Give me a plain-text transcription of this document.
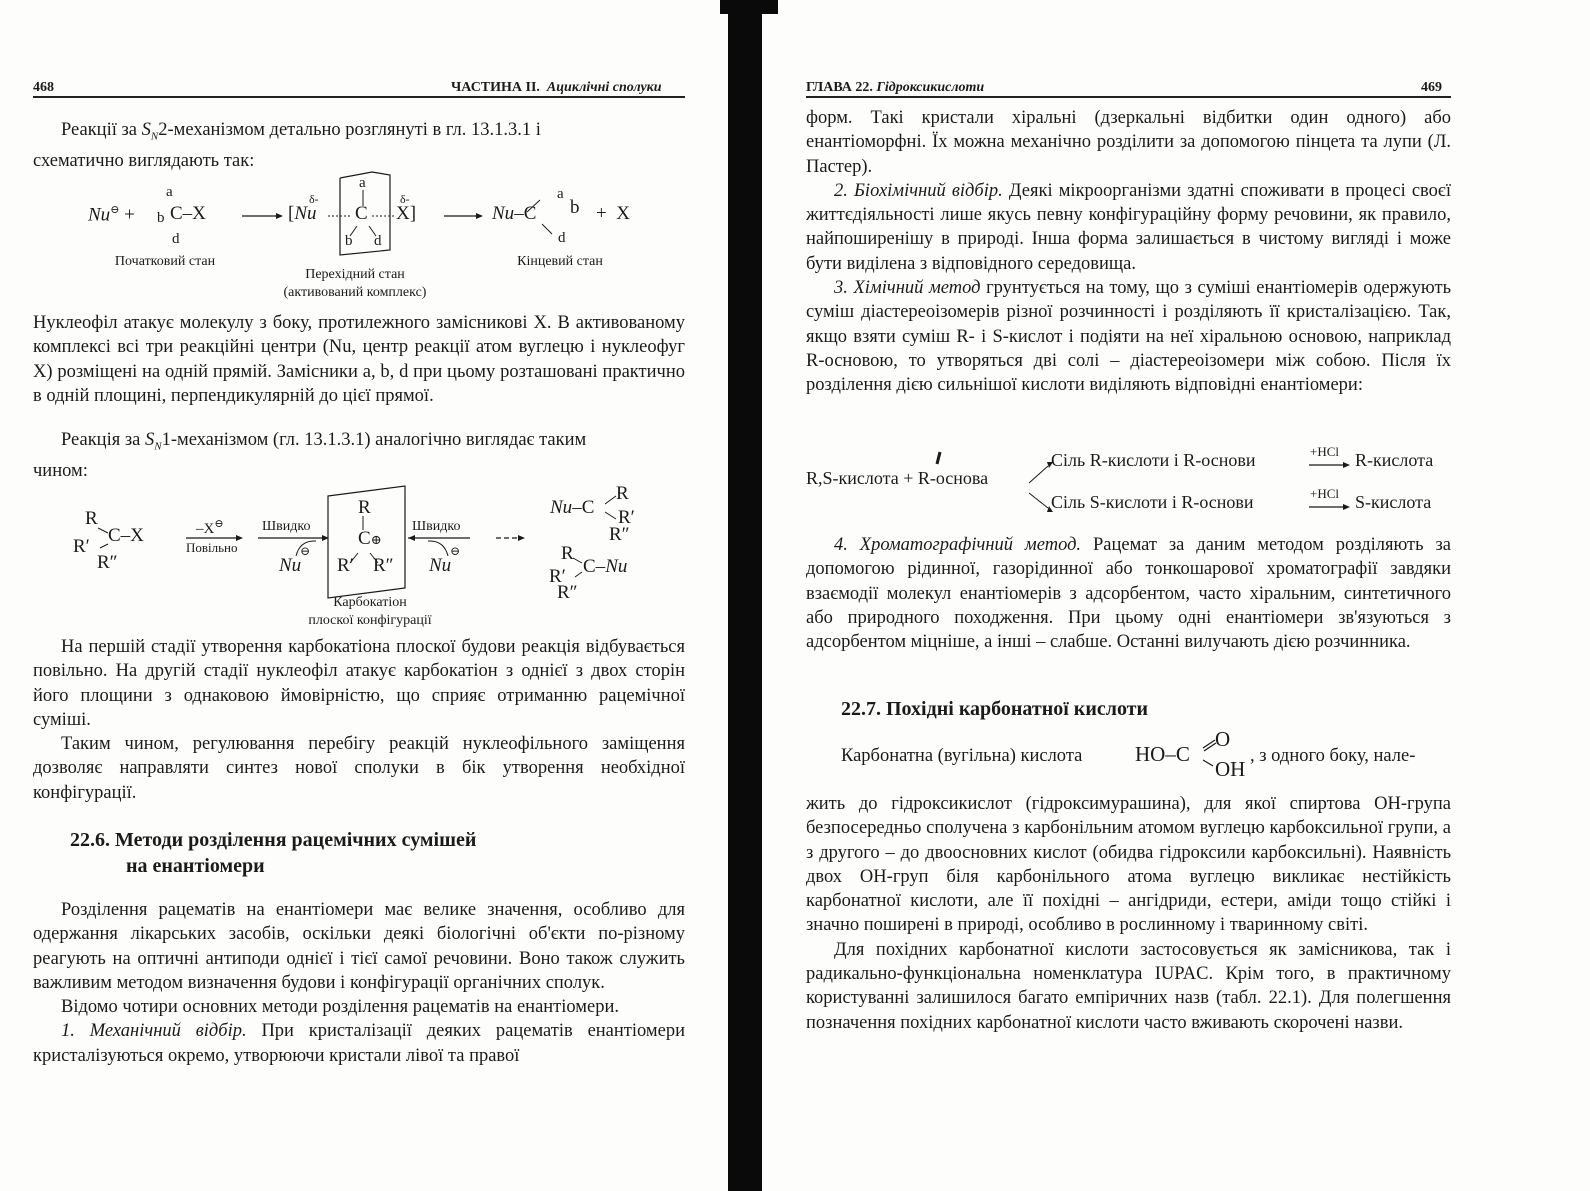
468	ЧАСТИНА II. Ациклічні сполуки

Реакції за $S_N2$-механізмом детально розглянуті в гл. 13.1.3.1 і

схематично виглядають так:

Nu⊖ +
a
b C–X
d
δ-	δ-
[Nu
a
C X]
b d
Nu–C
a
b
d
+  X
Початковий стан
Перехідний стан
(активований комплекс)
Кінцевий стан
Нуклеофіл атакує молекулу з боку, протилежного замісникові Х. В активованому комплексі всі три реакційні центри (Nu, центр реакції атом вуглецю і нуклеофуг Х) розміщені на одній прямій. Замісники a, b, d при цьому розташовані практично в одній площині, перпендикулярній до цієї прямої.

Реакція за $S_N1$-механізмом (гл. 13.1.3.1) аналогічно виглядає таким

чином:

R
R′
C–X
R″
–X⊖
Повільно
Швидко
⊖
Nu
R
C⊕
R′ R″
Швидко
⊖
Nu
Nu–C
R
R′
R″
R
R′ C–Nu
R″
Карбокатіон
плоскої конфігурації

На першій стадії утворення карбокатіона плоскої будови реакція відбувається повільно. На другій стадії нуклеофіл атакує карбокатіон з однієї з двох сторін його площини з однаковою ймовірністю, що сприяє отриманню рацемічної суміші.

Таким чином, регулювання перебігу реакцій нуклеофільного заміщення дозволяє направляти синтез нової сполуки в бік утворення необхідної конфігурації.

22.6. Методи розділення рацемічних сумішей
на енантіомери

Розділення рацематів на енантіомери має велике значення, особливо для одержання лікарських засобів, оскільки деякі біологічні об'єкти по-різному реагують на оптичні антиподи однієї і тієї самої речовини. Воно також служить важливим методом визначення будови і конфігурації органічних сполук.

Відомо чотири основних методи розділення рацематів на енантіомери.

1. Механічний відбір. При кристалізації деяких рацематів енантіомери кристалізуються окремо, утворюючи кристали лівої та правої

ГЛАВА 22. Гідроксикислоти	469

форм. Такі кристали хіральні (дзеркальні відбитки один одного) або енантіоморфні. Їх можна механічно розділити за допомогою пінцета та лупи (Л. Пастер).

2. Біохімічний відбір. Деякі мікроорганізми здатні споживати в процесі своєї життєдіяльності лише якусь певну конфігураційну форму речовини, як правило, найпоширенішу в природі. Інша форма залишається в чистому вигляді і може бути виділена з відповідного середовища.

3. Хімічний метод грунтується на тому, що з суміші енантіомерів одержують суміш діастереоізомерів різної розчинності і розділяють її кристалізацією. Так, якщо взяти суміш R- і S-кислот і подіяти на неї хіральною основою, наприклад R-основою, то утворяться дві солі – діастереоізомери між собою. Після їх розділення дією сильнішої кислоти виділяють відповідні енантіомери:

R,S-кислота + R-основа
Сіль R-кислоти і R-основи
Сіль S-кислоти і R-основи
+HCl
+HCl
R-кислота
S-кислота

4. Хроматографічний метод. Рацемат за даним методом розділяють за допомогою рідинної, газорідинної або тонкошарової хроматографії завдяки взаємодії молекул енантіомерів з адсорбентом, часто хіральним, синтетичного або природного походження. При цьому одні енантіомери зв'язуються з адсорбентом міцніше, а інші – слабше. Останні вилучають дією розчинника.

22.7. Похідні карбонатної кислоти
Карбонатна (вугільна) кислота	HO–C
O
OH
, з одного боку, нале-

жить до гідроксикислот (гідроксимурашина), для якої спиртова ОН-група безпосередньо сполучена з карбонільним атомом вуглецю карбоксильної групи, а з другого – до двоосновних кислот (обидва гідроксили карбоксильні). Наявність двох ОН-груп біля карбонільного атома вуглецю викликає нестійкість карбонатної кислоти, але її похідні – ангідриди, естери, аміди тощо стійкі і значно поширені в природі, особливо в рослинному і тваринному світі.

Для похідних карбонатної кислоти застосовується як замісникова, так і радикально-функціональна номенклатура IUPAC. Крім того, в практичному користуванні залишилося багато емпіричних назв (табл. 22.1). Для полегшення позначення похідних карбонатної кислоти часто вживають скорочені назви.
